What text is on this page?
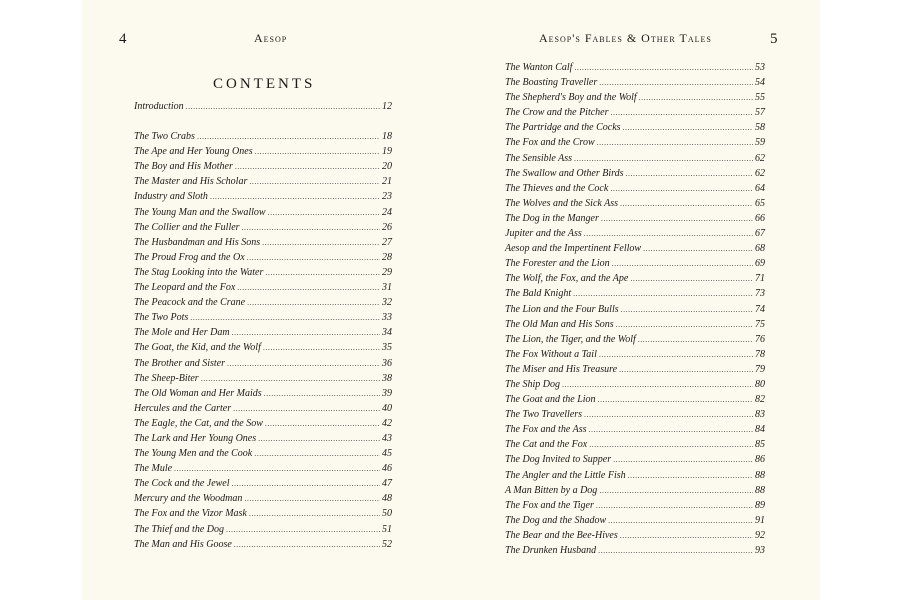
4	Aesop
CONTENTS
Introduction .....	12
The Two Crabs .....	18
The Ape and Her Young Ones .....	19
The Boy and His Mother .....	20
The Master and His Scholar .....	21
Industry and Sloth .....	23
The Young Man and the Swallow .....	24
The Collier and the Fuller .....	26
The Husbandman and His Sons .....	27
The Proud Frog and the Ox .....	28
The Stag Looking into the Water .....	29
The Leopard and the Fox .....	31
The Peacock and the Crane .....	32
The Two Pots .....	33
The Mole and Her Dam .....	34
The Goat, the Kid, and the Wolf .....	35
The Brother and Sister .....	36
The Sheep-Biter .....	38
The Old Woman and Her Maids .....	39
Hercules and the Carter .....	40
The Eagle, the Cat, and the Sow .....	42
The Lark and Her Young Ones .....	43
The Young Men and the Cook .....	45
The Mule .....	46
The Cock and the Jewel .....	47
Mercury and the Woodman .....	48
The Fox and the Vizor Mask .....	50
The Thief and the Dog .....	51
The Man and His Goose .....	52
Aesop's Fables & Other Tales	5
The Wanton Calf .....	53
The Boasting Traveller .....	54
The Shepherd's Boy and the Wolf .....	55
The Crow and the Pitcher .....	57
The Partridge and the Cocks .....	58
The Fox and the Crow .....	59
The Sensible Ass .....	62
The Swallow and Other Birds .....	62
The Thieves and the Cock .....	64
The Wolves and the Sick Ass .....	65
The Dog in the Manger .....	66
Jupiter and the Ass .....	67
Aesop and the Impertinent Fellow .....	68
The Forester and the Lion .....	69
The Wolf, the Fox, and the Ape .....	71
The Bald Knight .....	73
The Lion and the Four Bulls .....	74
The Old Man and His Sons .....	75
The Lion, the Tiger, and the Wolf .....	76
The Fox Without a Tail .....	78
The Miser and His Treasure .....	79
The Ship Dog .....	80
The Goat and the Lion .....	82
The Two Travellers .....	83
The Fox and the Ass .....	84
The Cat and the Fox .....	85
The Dog Invited to Supper .....	86
The Angler and the Little Fish .....	88
A Man Bitten by a Dog .....	88
The Fox and the Tiger .....	89
The Dog and the Shadow .....	91
The Bear and the Bee-Hives .....	92
The Drunken Husband .....	93
